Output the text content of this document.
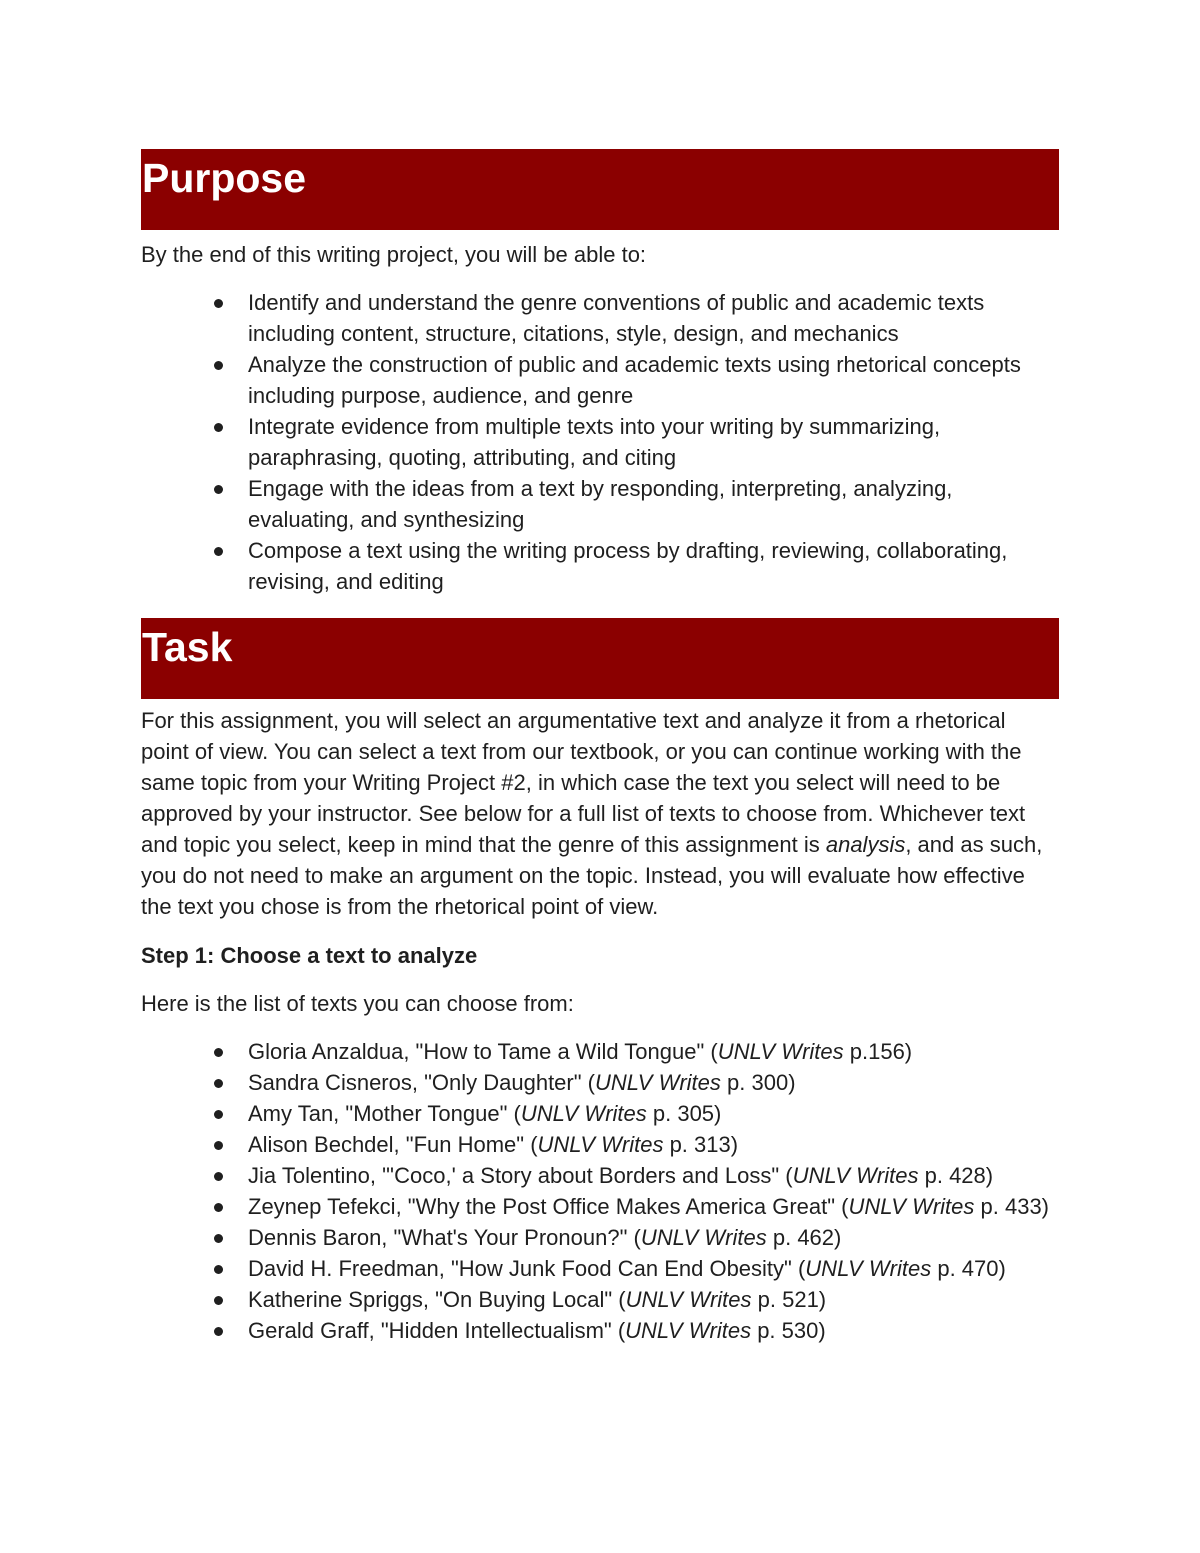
Purpose

By the end of this writing project, you will be able to:

Identify and understand the genre conventions of public and academic texts including content, structure, citations, style, design, and mechanics
Analyze the construction of public and academic texts using rhetorical concepts including purpose, audience, and genre
Integrate evidence from multiple texts into your writing by summarizing, paraphrasing, quoting, attributing, and citing
Engage with the ideas from a text by responding, interpreting, analyzing, evaluating, and synthesizing
Compose a text using the writing process by drafting, reviewing, collaborating, revising, and editing
Task

For this assignment, you will select an argumentative text and analyze it from a rhetorical point of view. You can select a text from our textbook, or you can continue working with the same topic from your Writing Project #2, in which case the text you select will need to be approved by your instructor. See below for a full list of texts to choose from. Whichever text and topic you select, keep in mind that the genre of this assignment is analysis, and as such, you do not need to make an argument on the topic. Instead, you will evaluate how effective the text you chose is from the rhetorical point of view.

Step 1: Choose a text to analyze

Here is the list of texts you can choose from:

Gloria Anzaldua, "How to Tame a Wild Tongue" (UNLV Writes p.156)
Sandra Cisneros, "Only Daughter" (UNLV Writes p. 300)
Amy Tan, "Mother Tongue" (UNLV Writes p. 305)
Alison Bechdel, "Fun Home" (UNLV Writes p. 313)
Jia Tolentino, "'Coco,' a Story about Borders and Loss" (UNLV Writes p. 428)
Zeynep Tefekci, "Why the Post Office Makes America Great" (UNLV Writes p. 433)
Dennis Baron, "What's Your Pronoun?" (UNLV Writes p. 462)
David H. Freedman, "How Junk Food Can End Obesity" (UNLV Writes p. 470)
Katherine Spriggs, "On Buying Local" (UNLV Writes p. 521)
Gerald Graff, "Hidden Intellectualism" (UNLV Writes p. 530)
